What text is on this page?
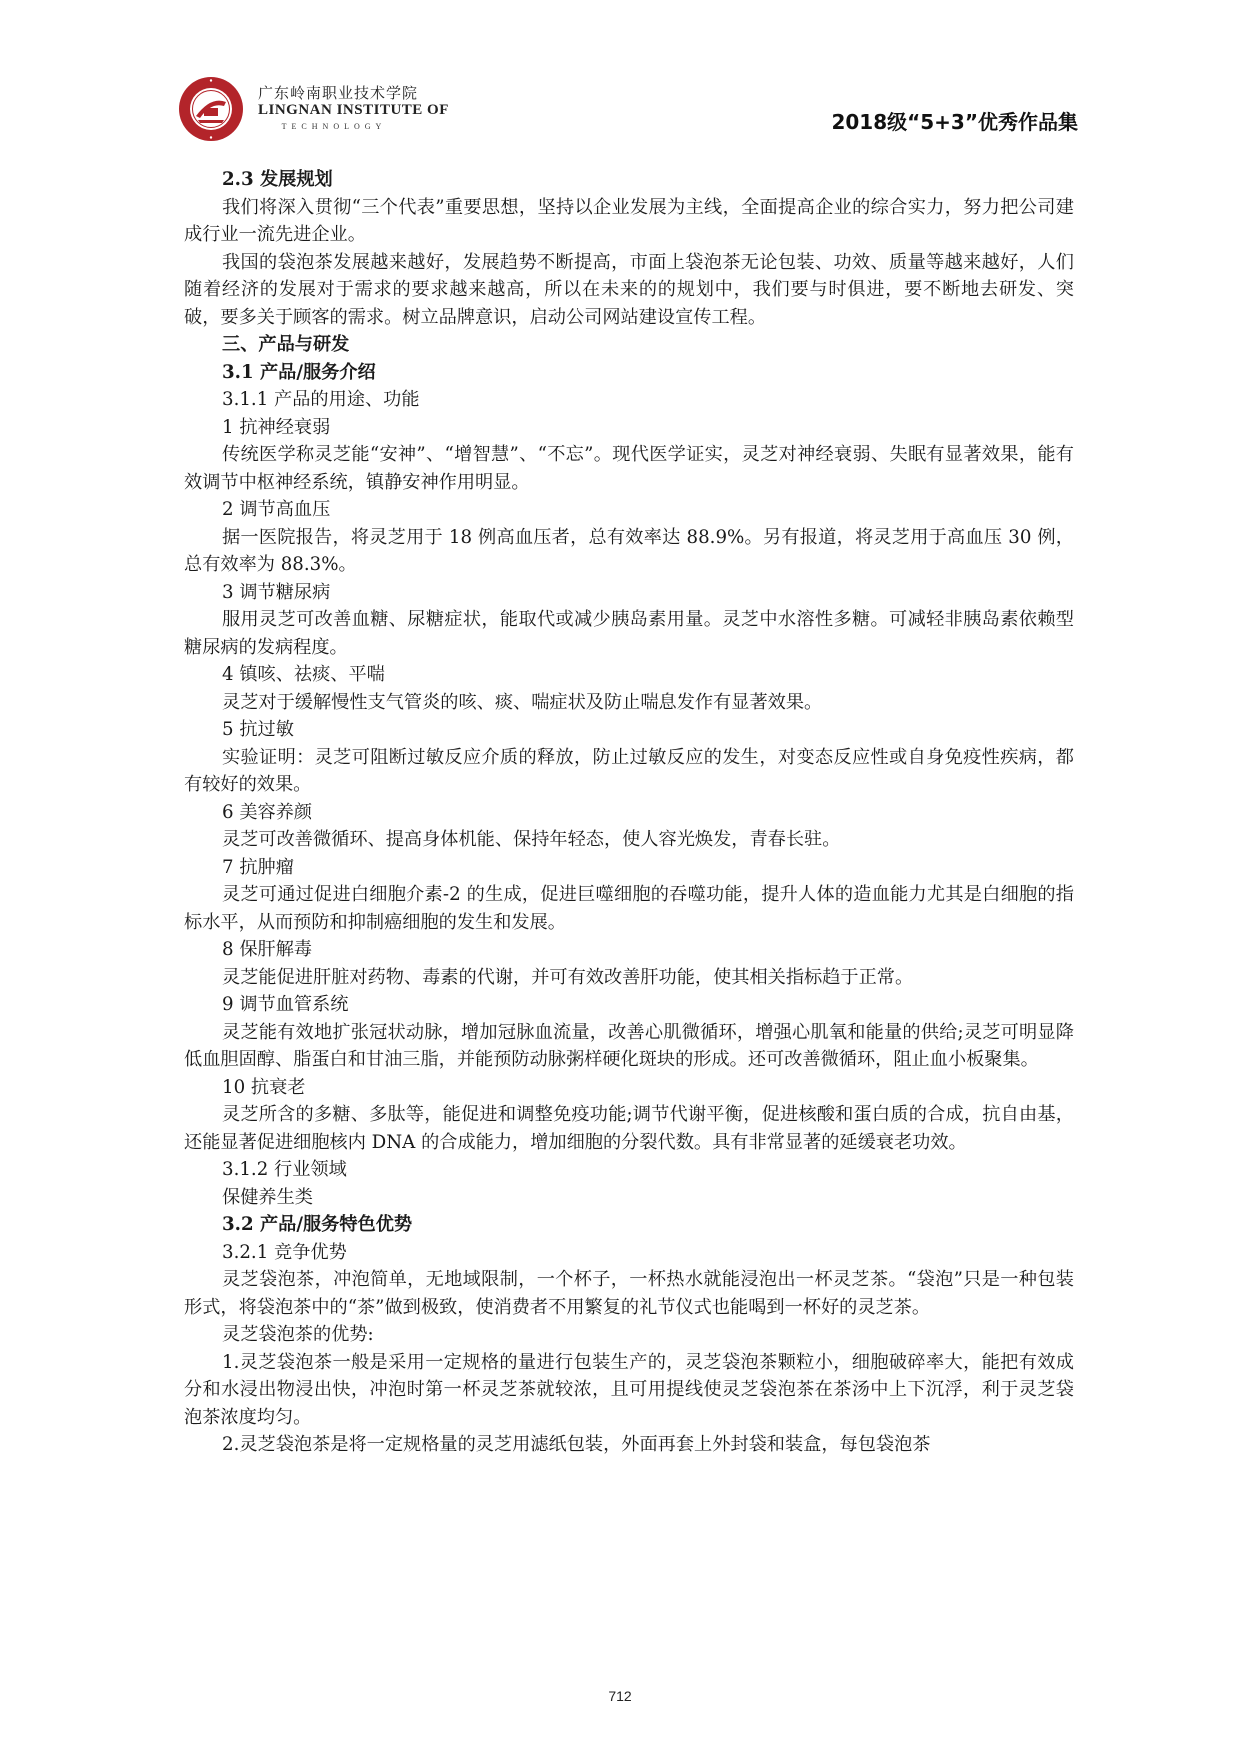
广东岭南职业技术学院
LINGNAN INSTITUTE OF
TECHNOLOGY	2018级“5+3”优秀作品集

2.3 发展规划

我们将深入贯彻“三个代表”重要思想，坚持以企业发展为主线，全面提高企业的综合实力，努力把公司建成行业一流先进企业。

我国的袋泡茶发展越来越好，发展趋势不断提高，市面上袋泡茶无论包装、功效、质量等越来越好，人们随着经济的发展对于需求的要求越来越高，所以在未来的的规划中，我们要与时俱进，要不断地去研发、突破，要多关于顾客的需求。树立品牌意识，启动公司网站建设宣传工程。

三、产品与研发

3.1 产品/服务介绍

3.1.1 产品的用途、功能

1 抗神经衰弱

传统医学称灵芝能“安神”、“增智慧”、“不忘”。现代医学证实，灵芝对神经衰弱、失眠有显著效果，能有效调节中枢神经系统，镇静安神作用明显。

2 调节高血压

据一医院报告，将灵芝用于 18 例高血压者，总有效率达 88.9%。另有报道，将灵芝用于高血压 30 例，总有效率为 88.3%。

3 调节糖尿病

服用灵芝可改善血糖、尿糖症状，能取代或减少胰岛素用量。灵芝中水溶性多糖。可减轻非胰岛素依赖型糖尿病的发病程度。

4 镇咳、祛痰、平喘

灵芝对于缓解慢性支气管炎的咳、痰、喘症状及防止喘息发作有显著效果。

5 抗过敏

实验证明：灵芝可阻断过敏反应介质的释放，防止过敏反应的发生，对变态反应性或自身免疫性疾病，都有较好的效果。

6 美容养颜

灵芝可改善微循环、提高身体机能、保持年轻态，使人容光焕发，青春长驻。

7 抗肿瘤

灵芝可通过促进白细胞介素-2 的生成，促进巨噬细胞的吞噬功能，提升人体的造血能力尤其是白细胞的指标水平，从而预防和抑制癌细胞的发生和发展。

8 保肝解毒

灵芝能促进肝脏对药物、毒素的代谢，并可有效改善肝功能，使其相关指标趋于正常。

9 调节血管系统

灵芝能有效地扩张冠状动脉，增加冠脉血流量，改善心肌微循环，增强心肌氧和能量的供给;灵芝可明显降低血胆固醇、脂蛋白和甘油三脂，并能预防动脉粥样硬化斑块的形成。还可改善微循环，阻止血小板聚集。

10 抗衰老

灵芝所含的多糖、多肽等，能促进和调整免疫功能;调节代谢平衡，促进核酸和蛋白质的合成，抗自由基，还能显著促进细胞核内 DNA 的合成能力，增加细胞的分裂代数。具有非常显著的延缓衰老功效。

3.1.2 行业领域

保健养生类

3.2 产品/服务特色优势

3.2.1 竞争优势

灵芝袋泡茶，冲泡简单，无地域限制，一个杯子，一杯热水就能浸泡出一杯灵芝茶。“袋泡”只是一种包装形式，将袋泡茶中的“茶”做到极致，使消费者不用繁复的礼节仪式也能喝到一杯好的灵芝茶。

灵芝袋泡茶的优势:

1.灵芝袋泡茶一般是采用一定规格的量进行包装生产的，灵芝袋泡茶颗粒小，细胞破碎率大，能把有效成分和水浸出物浸出快，冲泡时第一杯灵芝茶就较浓，且可用提线使灵芝袋泡茶在茶汤中上下沉浮，利于灵芝袋泡茶浓度均匀。

2.灵芝袋泡茶是将一定规格量的灵芝用滤纸包装，外面再套上外封袋和装盒，每包袋泡茶

712
